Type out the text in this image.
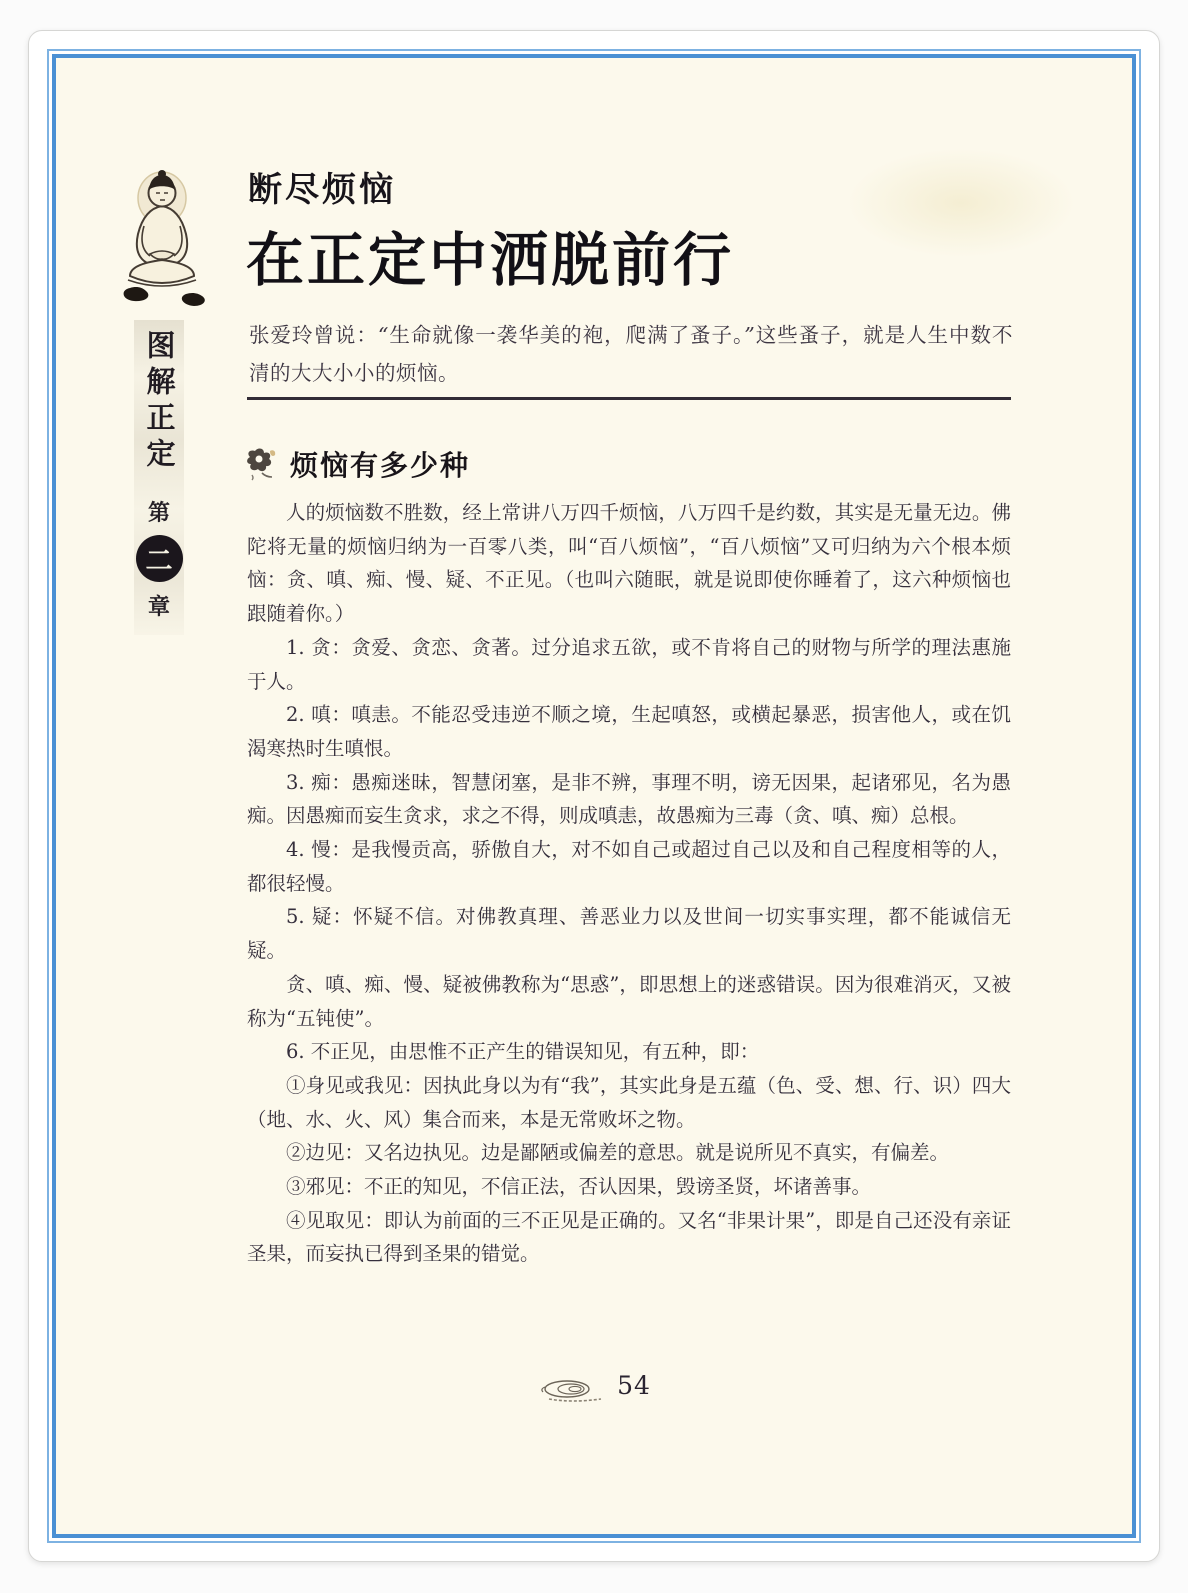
断尽烦恼
在正定中洒脱前行
张爱玲曾说：“生命就像一袭华美的袍，爬满了蚤子。”这些蚤子，就是人生中数不清的大大小小的烦恼。
烦恼有多少种

人的烦恼数不胜数，经上常讲八万四千烦恼，八万四千是约数，其实是无量无边。佛陀将无量的烦恼归纳为一百零八类，叫“百八烦恼”，“百八烦恼”又可归纳为六个根本烦恼：贪、嗔、痴、慢、疑、不正见。（也叫六随眠，就是说即使你睡着了，这六种烦恼也跟随着你。）

1. 贪：贪爱、贪恋、贪著。过分追求五欲，或不肯将自己的财物与所学的理法惠施于人。

2. 嗔：嗔恚。不能忍受违逆不顺之境，生起嗔怒，或横起暴恶，损害他人，或在饥渴寒热时生嗔恨。

3. 痴：愚痴迷昧，智慧闭塞，是非不辨，事理不明，谤无因果，起诸邪见，名为愚痴。因愚痴而妄生贪求，求之不得，则成嗔恚，故愚痴为三毒（贪、嗔、痴）总根。

4. 慢：是我慢贡高，骄傲自大，对不如自己或超过自己以及和自己程度相等的人，都很轻慢。

5. 疑：怀疑不信。对佛教真理、善恶业力以及世间一切实事实理，都不能诚信无疑。

贪、嗔、痴、慢、疑被佛教称为“思惑”，即思想上的迷惑错误。因为很难消灭，又被称为“五钝使”。

6. 不正见，由思惟不正产生的错误知见，有五种，即：

①身见或我见：因执此身以为有“我”，其实此身是五蕴（色、受、想、行、识）四大（地、水、火、风）集合而来，本是无常败坏之物。

②边见：又名边执见。边是鄙陋或偏差的意思。就是说所见不真实，有偏差。

③邪见：不正的知见，不信正法，否认因果，毁谤圣贤，坏诸善事。

④见取见：即认为前面的三不正见是正确的。又名“非果计果”，即是自己还没有亲证圣果，而妄执已得到圣果的错觉。

图解正定
第
二
章
54
